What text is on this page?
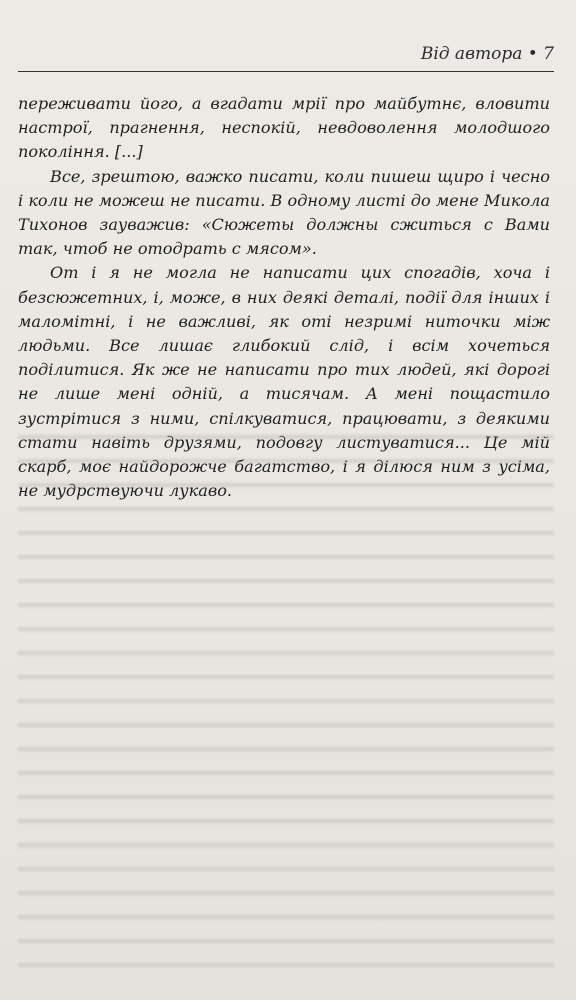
Від автора • 7

переживати його, а вгадати мрії про майбутнє, вловити настрої, прагнення, неспокій, невдоволення молодшого покоління. [...]

Все, зрештою, важко писати, коли пишеш щиро і чесно і коли не можеш не писати. В одному листі до мене Микола Тихонов зауважив: «Сюжеты должны сжиться с Вами так, чтоб не отодрать с мясом».

От і я не могла не написати цих спогадів, хоча і безсюжетних, і, може, в них деякі деталі, події для інших і маломітні, і не важливі, як оті незримі ниточки між людьми. Все лишає глибокий слід, і всім хочеться поділитися. Як же не написати про тих людей, які дорогі не лише мені одній, а тисячам. А мені пощастило зустрітися з ними, спілкуватися, працювати, з деякими стати навіть друзями, подовгу листуватися... Це мій скарб, моє найдорожче багатство, і я ділюся ним з усіма, не мудрствуючи лукаво.
